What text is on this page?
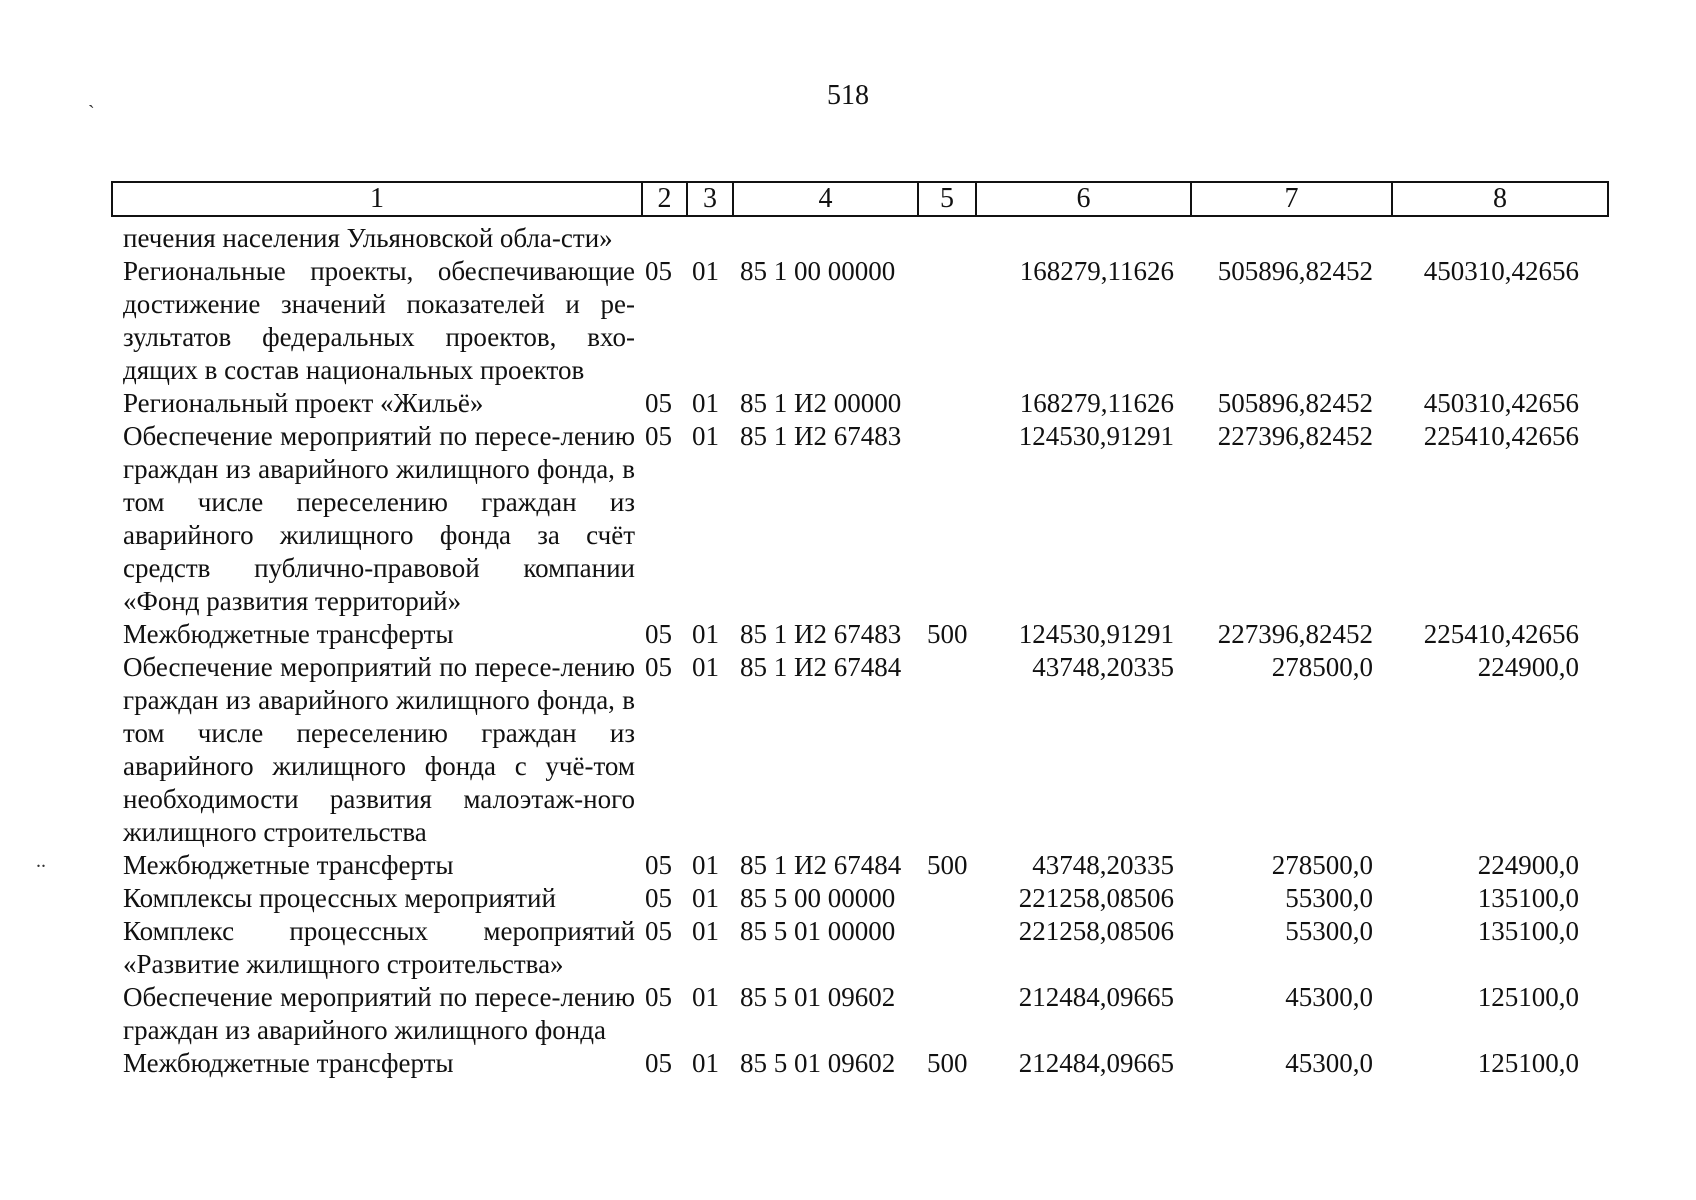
518
1	2	3	4	5	6	7	8
печения населения Ульяновской обла-сти»							
Региональные проекты, обеспечивающие достижение значений показателей и ре-зультатов федеральных проектов, вхо-дящих в состав национальных проектов	05	01	85 1 00 00000		168279,11626	505896,82452	450310,42656
Региональный проект «Жильё»	05	01	85 1 И2 00000		168279,11626	505896,82452	450310,42656
Обеспечение мероприятий по пересе-лению граждан из аварийного жилищного фонда, в том числе переселению граждан из аварийного жилищного фонда за счёт средств публично-правовой компании «Фонд развития территорий»	05	01	85 1 И2 67483		124530,91291	227396,82452	225410,42656
Межбюджетные трансферты	05	01	85 1 И2 67483	500	124530,91291	227396,82452	225410,42656
Обеспечение мероприятий по пересе-лению граждан из аварийного жилищного фонда, в том числе переселению граждан из аварийного жилищного фонда с учё-том необходимости развития малоэтаж-ного жилищного строительства	05	01	85 1 И2 67484		43748,20335	278500,0	224900,0
Межбюджетные трансферты	05	01	85 1 И2 67484	500	43748,20335	278500,0	224900,0
Комплексы процессных мероприятий	05	01	85 5 00 00000		221258,08506	55300,0	135100,0
Комплекс процессных мероприятий «Развитие жилищного строительства»	05	01	85 5 01 00000		221258,08506	55300,0	135100,0
Обеспечение мероприятий по пересе-лению граждан из аварийного жилищного фонда	05	01	85 5 01 09602		212484,09665	45300,0	125100,0
Межбюджетные трансферты	05	01	85 5 01 09602	500	212484,09665	45300,0	125100,0
`
..
